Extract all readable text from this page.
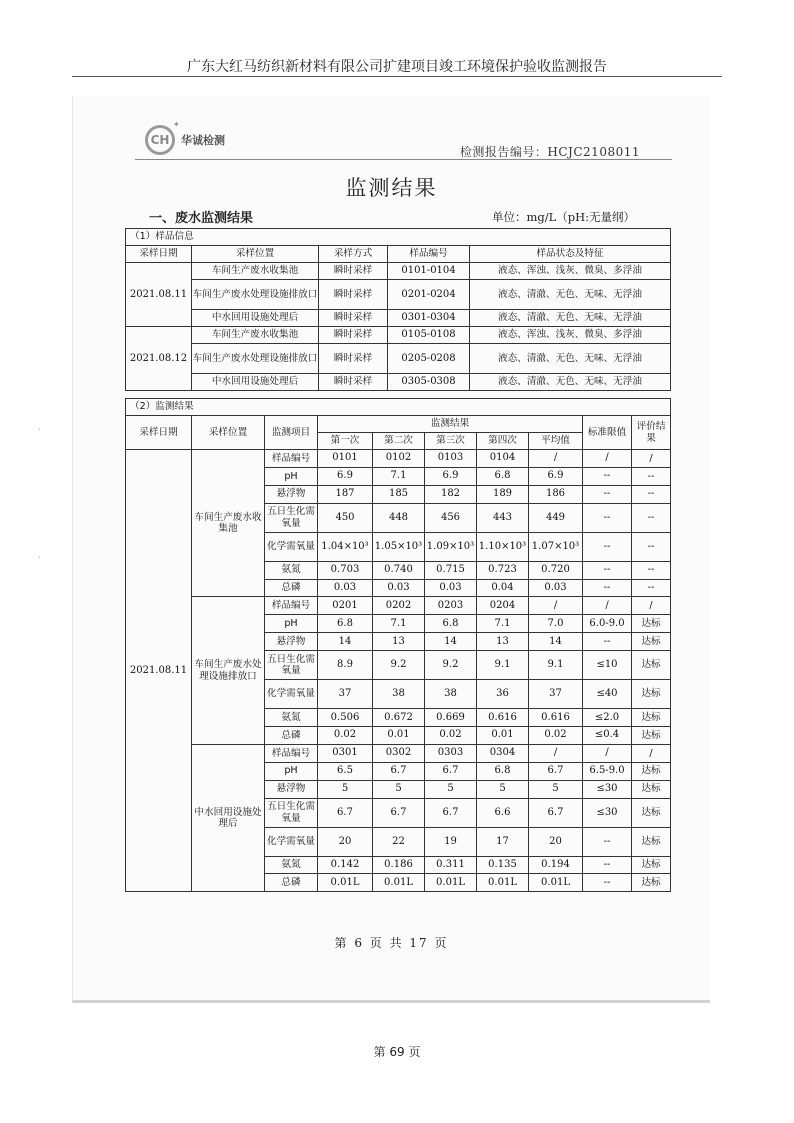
广东大红马纺织新材料有限公司扩建项目竣工环境保护验收监测报告
CH
✦
华诚检测
检测报告编号：HCJC2108011
监测结果
一、废水监测结果	单位：mg/L（pH:无量纲）
（1）样品信息				
采样日期	采样位置	采样方式	样品编号	样品状态及特征
2021.08.11	车间生产废水收集池	瞬时采样	0101-0104	液态、浑浊、浅灰、微臭、多浮油
	车间生产废水处理设施排放口	瞬时采样	0201-0204	液态、清澈、无色、无味、无浮油
	中水回用设施处理后	瞬时采样	0301-0304	液态、清澈、无色、无味、无浮油
2021.08.12	车间生产废水收集池	瞬时采样	0105-0108	液态、浑浊、浅灰、微臭、多浮油
	车间生产废水处理设施排放口	瞬时采样	0205-0208	液态、清澈、无色、无味、无浮油
	中水回用设施处理后	瞬时采样	0305-0308	液态、清澈、无色、无味、无浮油
（2）监测结果									
采样日期	采样位置	监测项目	监测结果					标准限值	评价结果
			第一次	第二次	第三次	第四次	平均值		
2021.08.11	车间生产废水收集池	样品编号	0101	0102	0103	0104	/	/	/
		pH	6.9	7.1	6.9	6.8	6.9	--	--
		悬浮物	187	185	182	189	186	--	--
		五日生化需氧量	450	448	456	443	449	--	--
		化学需氧量	1.04×10³	1.05×10³	1.09×10³	1.10×10³	1.07×10³	--	--
		氨氮	0.703	0.740	0.715	0.723	0.720	--	--
		总磷	0.03	0.03	0.03	0.04	0.03	--	--
	车间生产废水处理设施排放口	样品编号	0201	0202	0203	0204	/	/	/
		pH	6.8	7.1	6.8	7.1	7.0	6.0-9.0	达标
		悬浮物	14	13	14	13	14	--	达标
		五日生化需氧量	8.9	9.2	9.2	9.1	9.1	≤10	达标
		化学需氧量	37	38	38	36	37	≤40	达标
		氨氮	0.506	0.672	0.669	0.616	0.616	≤2.0	达标
		总磷	0.02	0.01	0.02	0.01	0.02	≤0.4	达标
	中水回用设施处理后	样品编号	0301	0302	0303	0304	/	/	/
		pH	6.5	6.7	6.7	6.8	6.7	6.5-9.0	达标
		悬浮物	5	5	5	5	5	≤30	达标
		五日生化需氧量	6.7	6.7	6.7	6.6	6.7	≤30	达标
		化学需氧量	20	22	19	17	20	--	达标
		氨氮	0.142	0.186	0.311	0.135	0.194	--	达标
		总磷	0.01L	0.01L	0.01L	0.01L	0.01L	--	达标
第 6 页 共 17 页
·
·
第 69 页
